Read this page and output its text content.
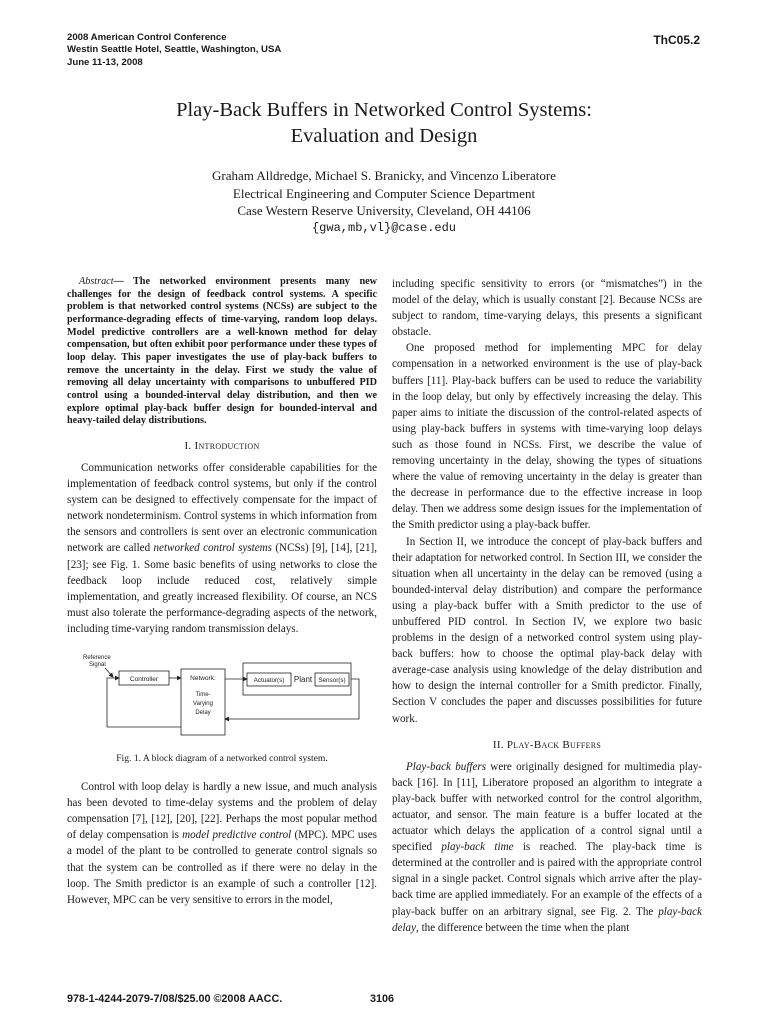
2008 American Control Conference
Westin Seattle Hotel, Seattle, Washington, USA
June 11-13, 2008
ThC05.2
Play-Back Buffers in Networked Control Systems:
Evaluation and Design
Graham Alldredge, Michael S. Branicky, and Vincenzo Liberatore
Electrical Engineering and Computer Science Department
Case Western Reserve University, Cleveland, OH 44106
{gwa,mb,vl}@case.edu

Abstract— The networked environment presents many new challenges for the design of feedback control systems. A specific problem is that networked control systems (NCSs) are subject to the performance-degrading effects of time-varying, random loop delays. Model predictive controllers are a well-known method for delay compensation, but often exhibit poor performance under these types of loop delay. This paper investigates the use of play-back buffers to remove the uncertainty in the delay. First we study the value of removing all delay uncertainty with comparisons to unbuffered PID control using a bounded-interval delay distribution, and then we explore optimal play-back buffer design for bounded-interval and heavy-tailed delay distributions.

I. Introduction

Communication networks offer considerable capabilities for the implementation of feedback control systems, but only if the control system can be designed to effectively compensate for the impact of network nondeterminism. Control systems in which information from the sensors and controllers is sent over an electronic communication network are called networked control systems (NCSs) [9], [14], [21], [23]; see Fig. 1. Some basic benefits of using networks to close the feedback loop include reduced cost, relatively simple implementation, and greatly increased flexibility. Of course, an NCS must also tolerate the performance-degrading aspects of the network, including time-varying random transmission delays.

Reference
Signal
Controller	Network:
Time-
Varying
Delay
Actuator(s) Plant Sensor(s)
Fig. 1. A block diagram of a networked control system.

Control with loop delay is hardly a new issue, and much analysis has been devoted to time-delay systems and the problem of delay compensation [7], [12], [20], [22]. Perhaps the most popular method of delay compensation is model predictive control (MPC). MPC uses a model of the plant to be controlled to generate control signals so that the system can be controlled as if there were no delay in the loop. The Smith predictor is an example of such a controller [12]. However, MPC can be very sensitive to errors in the model,

including specific sensitivity to errors (or “mismatches”) in the model of the delay, which is usually constant [2]. Because NCSs are subject to random, time-varying delays, this presents a significant obstacle.

One proposed method for implementing MPC for delay compensation in a networked environment is the use of play-back buffers [11]. Play-back buffers can be used to reduce the variability in the loop delay, but only by effectively increasing the delay. This paper aims to initiate the discussion of the control-related aspects of using play-back buffers in systems with time-varying loop delays such as those found in NCSs. First, we describe the value of removing uncertainty in the delay, showing the types of situations where the value of removing uncertainty in the delay is greater than the decrease in performance due to the effective increase in loop delay. Then we address some design issues for the implementation of the Smith predictor using a play-back buffer.

In Section II, we introduce the concept of play-back buffers and their adaptation for networked control. In Section III, we consider the situation when all uncertainty in the delay can be removed (using a bounded-interval delay distribution) and compare the performance using a play-back buffer with a Smith predictor to the use of unbuffered PID control. In Section IV, we explore two basic problems in the design of a networked control system using play-back buffers: how to choose the optimal play-back delay with average-case analysis using knowledge of the delay distribution and how to design the internal controller for a Smith predictor. Finally, Section V concludes the paper and discusses possibilities for future work.

II. Play-Back Buffers

Play-back buffers were originally designed for multimedia play-back [16]. In [11], Liberatore proposed an algorithm to integrate a play-back buffer with networked control for the control algorithm, actuator, and sensor. The main feature is a buffer located at the actuator which delays the application of a control signal until a specified play-back time is reached. The play-back time is determined at the controller and is paired with the appropriate control signal in a single packet. Control signals which arrive after the play-back time are applied immediately. For an example of the effects of a play-back buffer on an arbitrary signal, see Fig. 2. The play-back delay, the difference between the time when the plant

978-1-4244-2079-7/08/$25.00 ©2008 AACC.	3106
